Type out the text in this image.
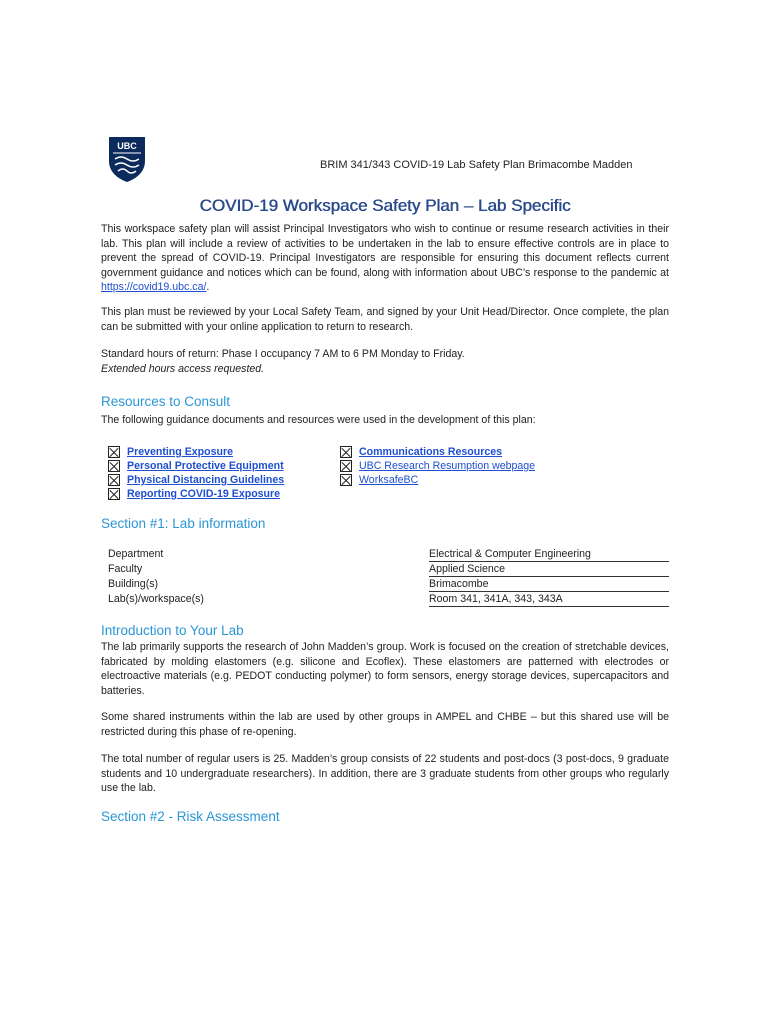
UBC
BRIM 341/343 COVID-19 Lab Safety Plan Brimacombe Madden
COVID-19 Workspace Safety Plan – Lab Specific

This workspace safety plan will assist Principal Investigators who wish to continue or resume research activities in their lab. This plan will include a review of activities to be undertaken in the lab to ensure effective controls are in place to prevent the spread of COVID-19. Principal Investigators are responsible for ensuring this document reflects current government guidance and notices which can be found, along with information about UBC’s response to the pandemic at https://covid19.ubc.ca/.

This plan must be reviewed by your Local Safety Team, and signed by your Unit Head/Director. Once complete, the plan can be submitted with your online application to return to research.

Standard hours of return: Phase I occupancy 7 AM to 6 PM Monday to Friday.

Extended hours access requested.

Resources to Consult

The following guidance documents and resources were used in the development of this plan:

Preventing Exposure
Personal Protective Equipment
Physical Distancing Guidelines
Reporting COVID-19 Exposure
Communications Resources
UBC Research Resumption webpage
WorksafeBC
Section #1: Lab information
Department	Electrical & Computer Engineering
Faculty	Applied Science
Building(s)	Brimacombe
Lab(s)/workspace(s)	Room 341, 341A, 343, 343A
Introduction to Your Lab

The lab primarily supports the research of John Madden’s group. Work is focused on the creation of stretchable devices, fabricated by molding elastomers (e.g. silicone and Ecoflex). These elastomers are patterned with electrodes or electroactive materials (e.g. PEDOT conducting polymer) to form sensors, energy storage devices, supercapacitors and batteries.

Some shared instruments within the lab are used by other groups in AMPEL and CHBE – but this shared use will be restricted during this phase of re-opening.

The total number of regular users is 25. Madden’s group consists of 22 students and post-docs (3 post-docs, 9 graduate students and 10 undergraduate researchers). In addition, there are 3 graduate students from other groups who regularly use the lab.

Section #2 - Risk Assessment
